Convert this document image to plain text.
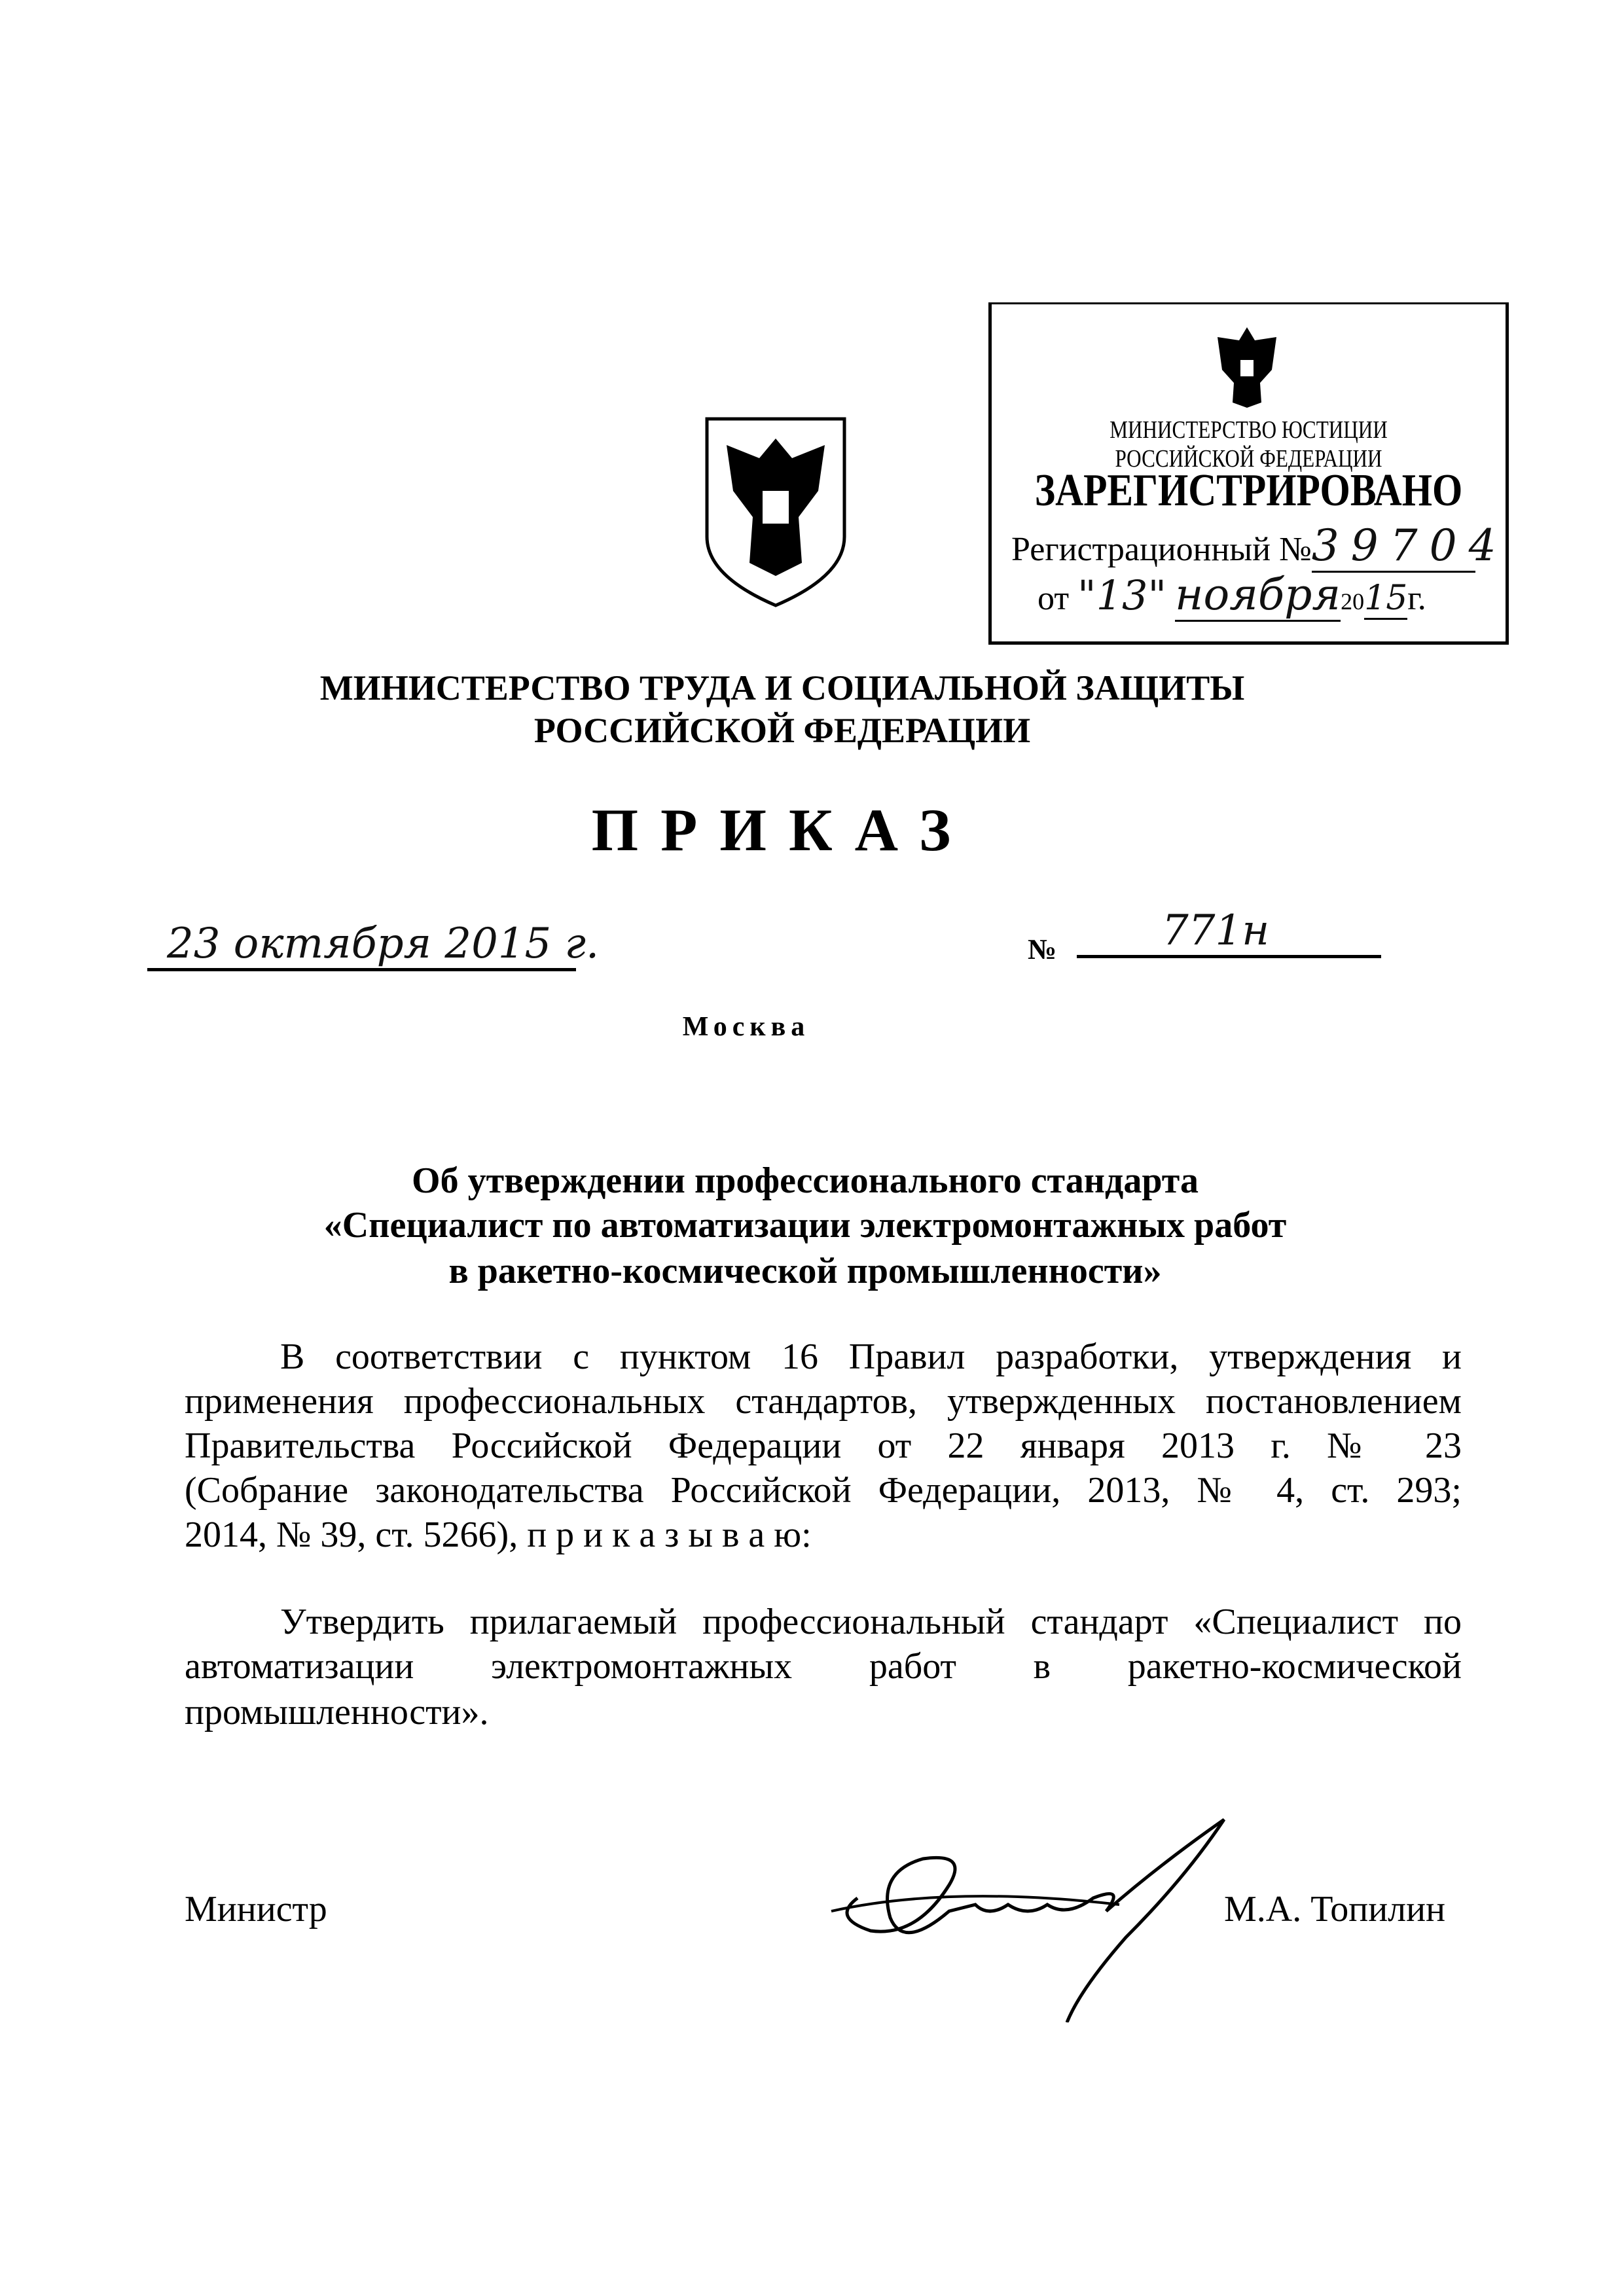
МИНИСТЕРСТВО ЮСТИЦИИ РОССИЙСКОЙ ФЕДЕРАЦИИ
ЗАРЕГИСТРИРОВАНО
Регистрационный №39704
от "13" ноября2015г.
МИНИСТЕРСТВО ТРУДА И СОЦИАЛЬНОЙ ЗАЩИТЫ
РОССИЙСКОЙ ФЕДЕРАЦИИ
ПРИКАЗ
23 октября 2015 г.	№	771н
Москва
Об утверждении профессионального стандарта
«Специалист по автоматизации электромонтажных работ
в ракетно-космической промышленности»
В соответствии с пунктом 16 Правил разработки, утверждения и
применения профессиональных стандартов, утвержденных постановлением
Правительства Российской Федерации от 22 января 2013 г. № 23
(Собрание законодательства Российской Федерации, 2013, № 4, ст. 293;
2014, № 39, ст. 5266), п р и к а з ы в а ю:
Утвердить прилагаемый профессиональный стандарт «Специалист по
автоматизации электромонтажных работ в ракетно-космической
промышленности».
Министр	М.А. Топилин
